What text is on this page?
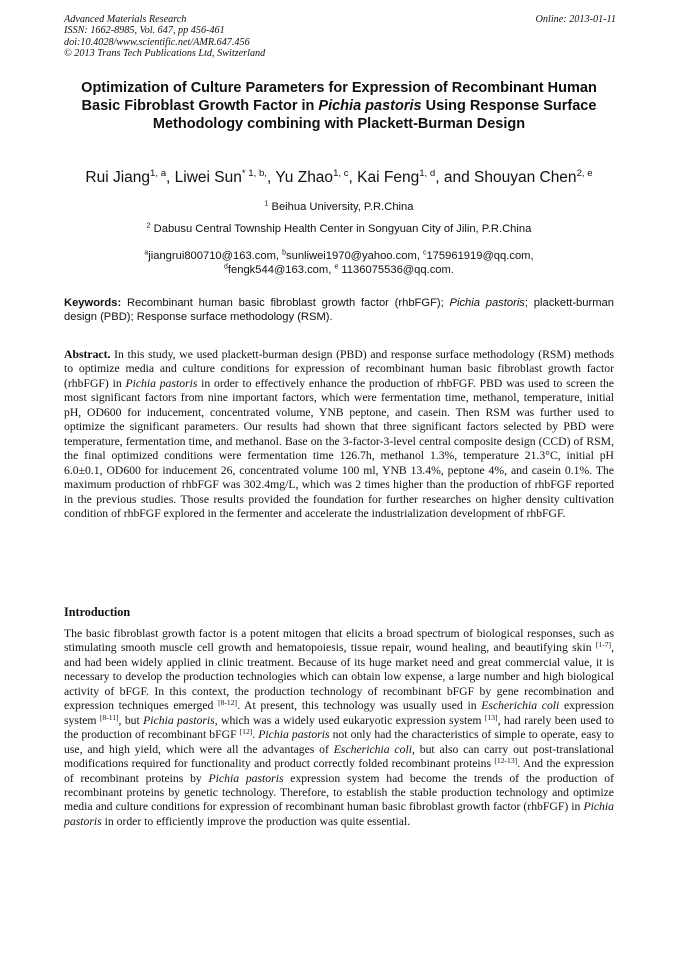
Advanced Materials Research
ISSN: 1662-8985, Vol. 647, pp 456-461
doi:10.4028/www.scientific.net/AMR.647.456
© 2013 Trans Tech Publications Ltd, Switzerland
Online: 2013-01-11
Optimization of Culture Parameters for Expression of Recombinant Human Basic Fibroblast Growth Factor in Pichia pastoris Using Response Surface Methodology combining with Plackett-Burman Design
Rui Jiang$^{1, a}$, Liwei Sun$^{* 1, b,}$, Yu Zhao$^{1, c}$, Kai Feng$^{1, d}$, and Shouyan Chen$^{2, e}$
$^1$ Beihua University, P.R.China
$^2$ Dabusu Central Township Health Center in Songyuan City of Jilin, P.R.China
$^a$jiangrui800710@163.com, $^b$sunliwei1970@yahoo.com, $^c$175961919@qq.com,
$^d$fengk544@163.com, $^e$ 1136075536@qq.com.
Keywords: Recombinant human basic fibroblast growth factor (rhbFGF); Pichia pastoris; plackett-burman design (PBD); Response surface methodology (RSM).
Abstract. In this study, we used plackett-burman design (PBD) and response surface methodology (RSM) methods to optimize media and culture conditions for expression of recombinant human basic fibroblast growth factor (rhbFGF) in Pichia pastoris in order to effectively enhance the production of rhbFGF. PBD was used to screen the most significant factors from nine important factors, which were fermentation time, methanol, temperature, initial pH, OD600 for inducement, concentrated volume, YNB peptone, and casein. Then RSM was further used to optimize the significant parameters. Our results had shown that three significant factors selected by PBD were temperature, fermentation time, and methanol. Base on the 3-factor-3-level central composite design (CCD) of RSM, the final optimized conditions were fermentation time 126.7h, methanol 1.3%, temperature 21.3°C, initial pH 6.0±0.1, OD600 for inducement 26, concentrated volume 100 ml, YNB 13.4%, peptone 4%, and casein 0.1%. The maximum production of rhbFGF was 302.4mg/L, which was 2 times higher than the production of rhbFGF reported in the previous studies. Those results provided the foundation for further researches on higher density cultivation condition of rhbFGF explored in the fermenter and accelerate the industrialization development of rhbFGF.
Introduction
The basic fibroblast growth factor is a potent mitogen that elicits a broad spectrum of biological responses, such as stimulating smooth muscle cell growth and hematopoiesis, tissue repair, wound healing, and beautifying skin [1-7], and had been widely applied in clinic treatment. Because of its huge market need and great commercial value, it is necessary to develop the production technologies which can obtain low expense, a large number and high biological activity of bFGF. In this context, the production technology of recombinant bFGF by gene recombination and expression techniques emerged [8-12]. At present, this technology was usually used in Escherichia coli expression system [8-11], but Pichia pastoris, which was a widely used eukaryotic expression system [13], had rarely been used to the production of recombinant bFGF [12]. Pichia pastoris not only had the characteristics of simple to operate, easy to use, and high yield, which were all the advantages of Escherichia coli, but also can carry out post-translational modifications required for functionality and product correctly folded recombinant proteins [12-13]. And the expression of recombinant proteins by Pichia pastoris expression system had become the trends of the production of recombinant proteins by genetic technology. Therefore, to establish the stable production technology and optimize media and culture conditions for expression of recombinant human basic fibroblast growth factor (rhbFGF) in Pichia pastoris in order to efficiently improve the production was quite essential.
